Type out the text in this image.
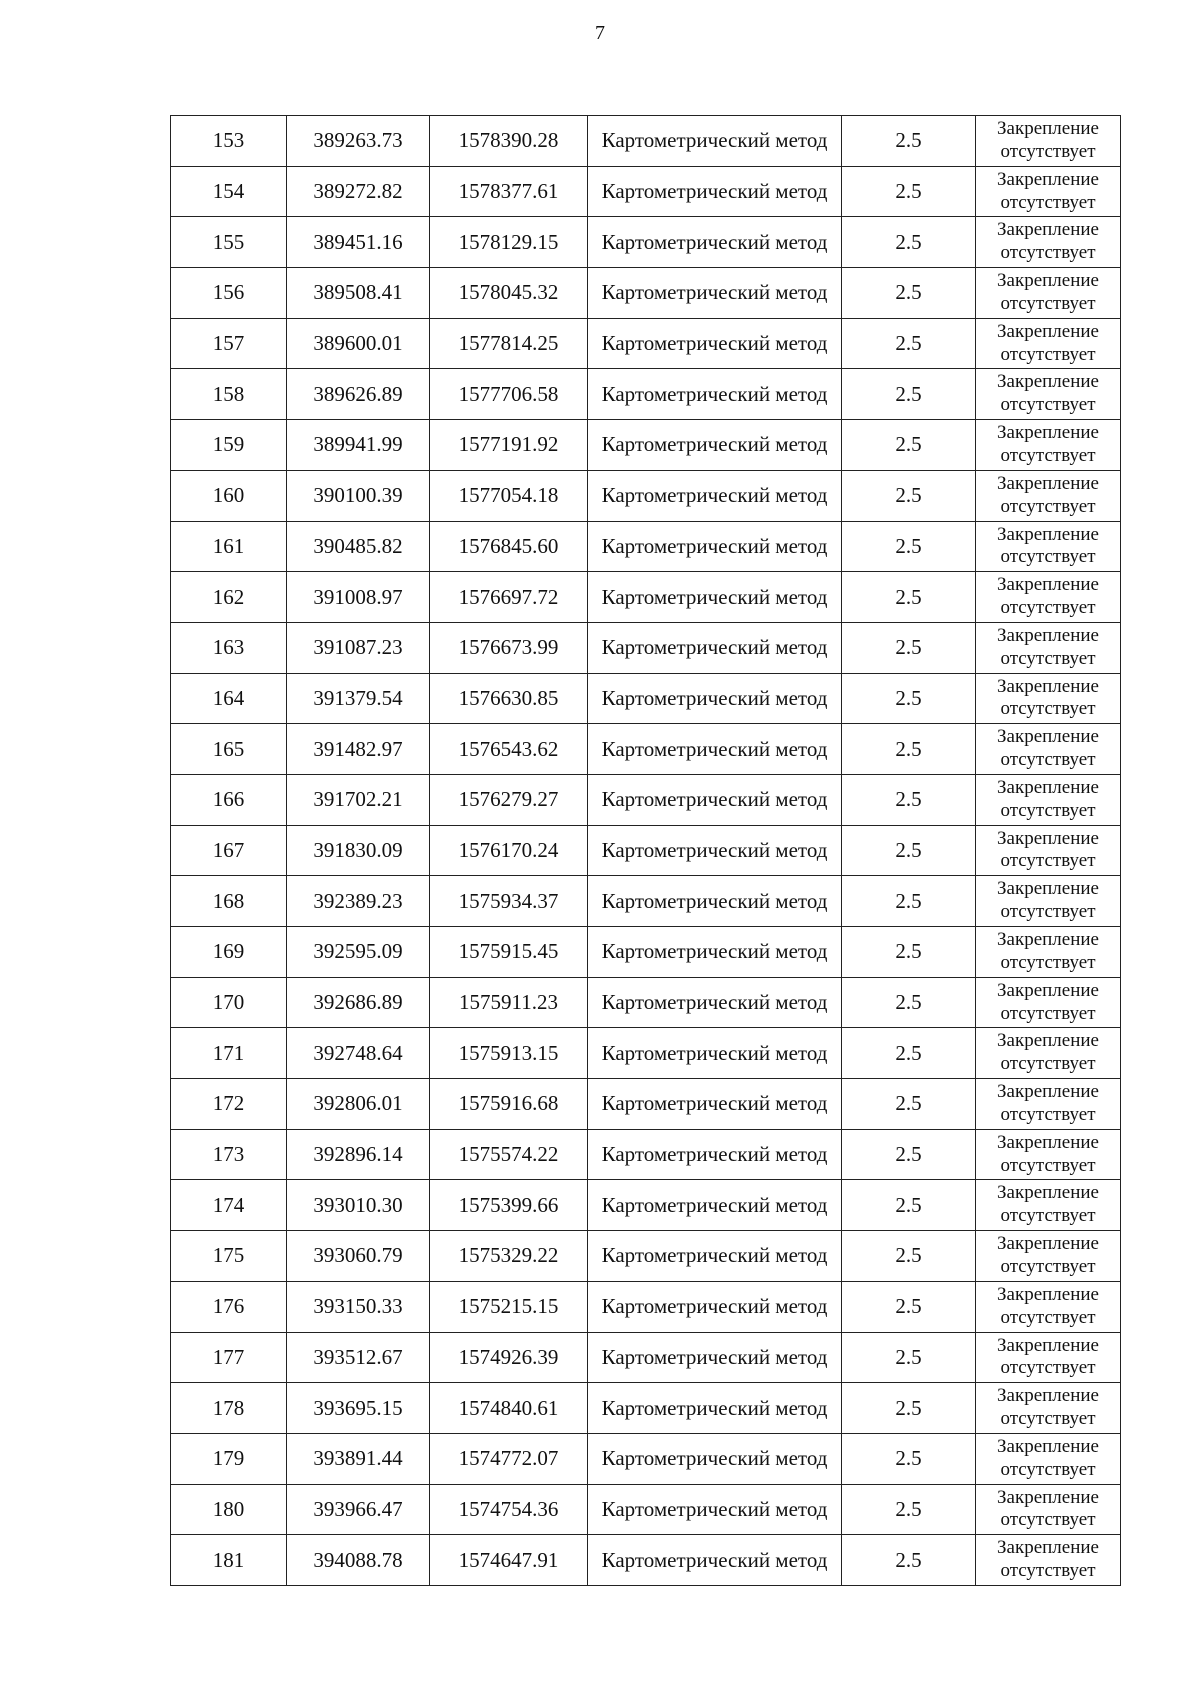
7
153	389263.73	1578390.28	Картометрический метод	2.5	Закрепление отсутствует
154	389272.82	1578377.61	Картометрический метод	2.5	Закрепление отсутствует
155	389451.16	1578129.15	Картометрический метод	2.5	Закрепление отсутствует
156	389508.41	1578045.32	Картометрический метод	2.5	Закрепление отсутствует
157	389600.01	1577814.25	Картометрический метод	2.5	Закрепление отсутствует
158	389626.89	1577706.58	Картометрический метод	2.5	Закрепление отсутствует
159	389941.99	1577191.92	Картометрический метод	2.5	Закрепление отсутствует
160	390100.39	1577054.18	Картометрический метод	2.5	Закрепление отсутствует
161	390485.82	1576845.60	Картометрический метод	2.5	Закрепление отсутствует
162	391008.97	1576697.72	Картометрический метод	2.5	Закрепление отсутствует
163	391087.23	1576673.99	Картометрический метод	2.5	Закрепление отсутствует
164	391379.54	1576630.85	Картометрический метод	2.5	Закрепление отсутствует
165	391482.97	1576543.62	Картометрический метод	2.5	Закрепление отсутствует
166	391702.21	1576279.27	Картометрический метод	2.5	Закрепление отсутствует
167	391830.09	1576170.24	Картометрический метод	2.5	Закрепление отсутствует
168	392389.23	1575934.37	Картометрический метод	2.5	Закрепление отсутствует
169	392595.09	1575915.45	Картометрический метод	2.5	Закрепление отсутствует
170	392686.89	1575911.23	Картометрический метод	2.5	Закрепление отсутствует
171	392748.64	1575913.15	Картометрический метод	2.5	Закрепление отсутствует
172	392806.01	1575916.68	Картометрический метод	2.5	Закрепление отсутствует
173	392896.14	1575574.22	Картометрический метод	2.5	Закрепление отсутствует
174	393010.30	1575399.66	Картометрический метод	2.5	Закрепление отсутствует
175	393060.79	1575329.22	Картометрический метод	2.5	Закрепление отсутствует
176	393150.33	1575215.15	Картометрический метод	2.5	Закрепление отсутствует
177	393512.67	1574926.39	Картометрический метод	2.5	Закрепление отсутствует
178	393695.15	1574840.61	Картометрический метод	2.5	Закрепление отсутствует
179	393891.44	1574772.07	Картометрический метод	2.5	Закрепление отсутствует
180	393966.47	1574754.36	Картометрический метод	2.5	Закрепление отсутствует
181	394088.78	1574647.91	Картометрический метод	2.5	Закрепление отсутствует
